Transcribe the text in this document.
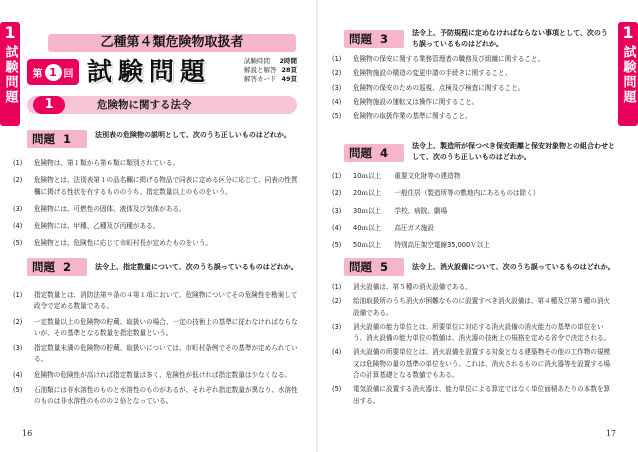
1
試験問題
乙種第４類危険物取扱者
第 1 回 試験問題	試験時間 2時間
解説と解答 28頁
解答カード 49頁
1	危険物に関する法令
問題 1	法別表の危険物の説明として、次のうち正しいものはどれか。
(1) 危険物は、第１類から第６類に類別されている。
(2) 危険物とは、法別表第１の品名欄に掲げる物品で同表に定める区分に応じて、同表の性質欄に掲げる性状を有するもののうち、指定数量以上のものをいう。
(3) 危険物には、可燃性の固体、液体及び気体がある。
(4) 危険物には、甲種、乙種及び丙種がある。
(5) 危険物とは、危険性に応じて市町村長が定めたものをいう。
問題 2	法令上、指定数量について、次のうち誤っているものはどれか。
(1) 指定数量とは、消防法第９条の４第１項において、危険物についてその危険性を勘案して政令で定める数量である。
(2) 一定数量以上の危険物の貯蔵、取扱いの場合、一定の技術上の基準に従わなければならないが、その基準となる数量を指定数量という。
(3) 指定数量未満の危険物の貯蔵、取扱いについては、市町村条例でその基準が定められている。
(4) 危険物の危険性が高ければ指定数量は多く、危険性が低ければ指定数量は少なくなる。
(5) 石油類には非水溶性のものと水溶性のものがあるが、それぞれ指定数量が異なり、水溶性のものは非水溶性のものの２倍となっている。
16
1
試験問題
問題 3	法令上、予防規程に定めなければならない事項として、次のうち誤っているものはどれか。
(1) 危険物の保安に関する業務管理者の職務及び組織に関すること。
(2) 危険物施設の構造の変更申請の手続きに関すること。
(3) 危険物の保安のための巡視、点検及び検査に関すること。
(4) 危険物施設の運転又は操作に関すること。
(5) 危険物の取扱作業の基準に関すること。
問題 4	法令上、製造所が保つべき保安距離と保安対象物との組合わせとして、次のうち正しいものはどれか。
(1) 10ｍ以上　　重要文化財等の建造物
(2) 20ｍ以上　　一般住居（製造所等の敷地内にあるものは除く）
(3) 30ｍ以上　　学校、病院、劇場
(4) 40ｍ以上　　高圧ガス施設
(5) 50ｍ以上　　特別高圧架空電線35,000Ｖ以上
問題 5	法令上、消火設備について、次のうち誤っているものはどれか。
(1) 消火設備は、第５種の消火設備である。
(2) 給油取扱所のうち消火が困難なものに設置すべき消火設備は、第４種及び第５種の消火設備である。
(3) 消火設備の能力単位とは、所要単位に対応する消火設備の消火能力の基準の単位をいう。消火設備の能力単位の数値は、消火器の技術上の規格を定める省令で決定される。
(4) 消火設備の所要単位とは、消火設備を設置する対象となる建築物その他の工作物の規模又は危険物の量の基準の単位をいう。これは、消火されるものに消火器等を設置する場合の計算基礎となる数値でもある。
(5) 電気設備に設置する消火器は、能力単位による算定ではなく単位面積あたりの本数を算出する。
17
